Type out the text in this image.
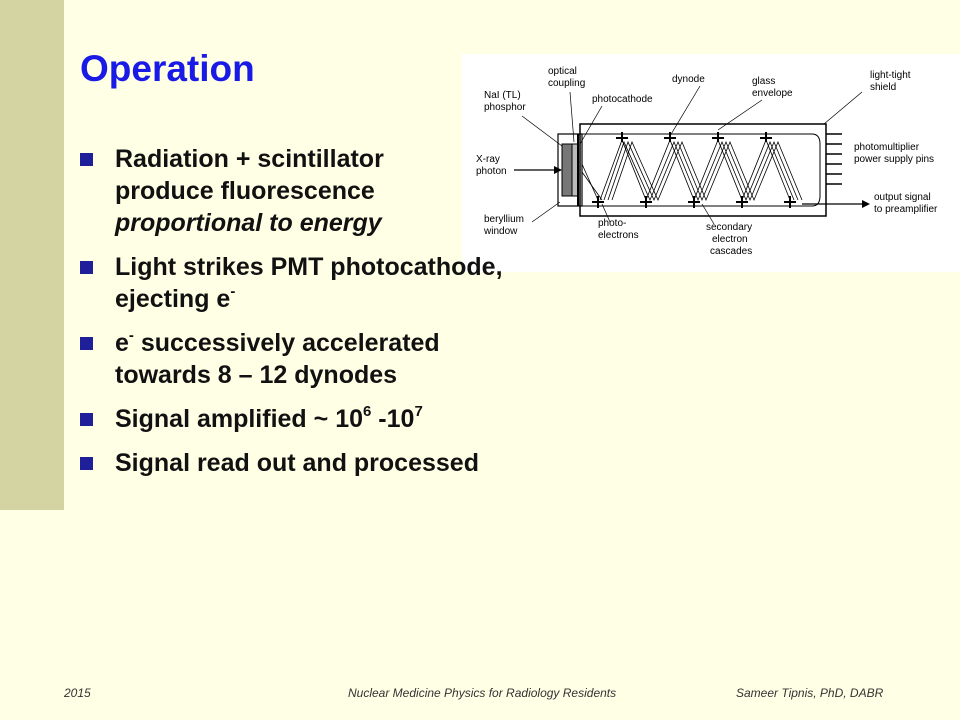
Operation
NaI (TL)
phosphor
optical
coupling
photocathode
dynode	glass
envelope
light-tight
shield
X-ray
photon
photomultiplier
power supply pins
output signal
to preamplifier
beryllium
window
photo-
electrons
secondary
electron
cascades
Radiation + scintillator
produce fluorescence
proportional to energy
Light strikes PMT photocathode, ejecting e-
e- successively accelerated towards 8 – 12 dynodes
Signal amplified ~ $10^6$ $-10^7$
Signal read out and processed
2015	Nuclear Medicine Physics for Radiology Residents	Sameer Tipnis, PhD, DABR
